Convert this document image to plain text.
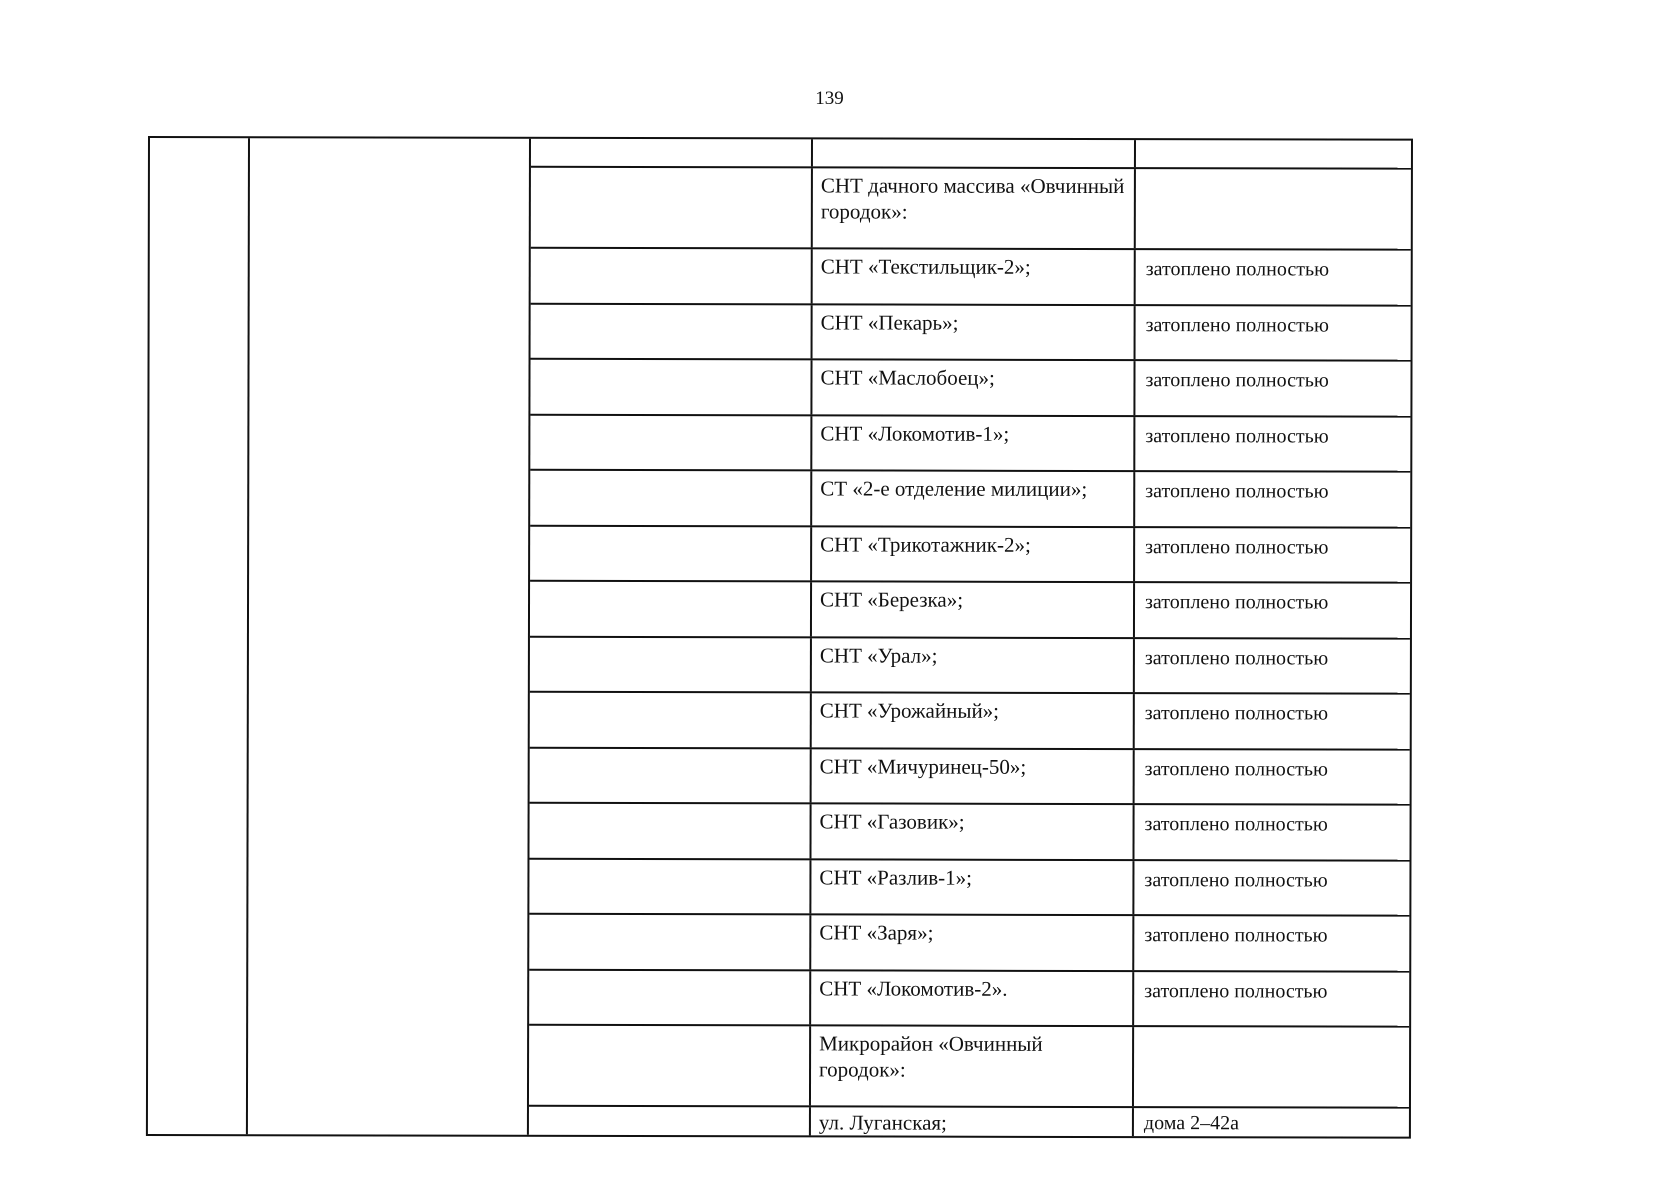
139
СНТ дачного массива «Овчинный городок»:
СНТ «Текстильщик-2»;	затоплено полностью
СНТ «Пекарь»;	затоплено полностью
СНТ «Маслобоец»;	затоплено полностью
СНТ «Локомотив-1»;	затоплено полностью
СТ «2-е отделение милиции»;	затоплено полностью
СНТ «Трикотажник-2»;	затоплено полностью
СНТ «Березка»;	затоплено полностью
СНТ «Урал»;	затоплено полностью
СНТ «Урожайный»;	затоплено полностью
СНТ «Мичуринец-50»;	затоплено полностью
СНТ «Газовик»;	затоплено полностью
СНТ «Разлив-1»;	затоплено полностью
СНТ «Заря»;	затоплено полностью
СНТ «Локомотив-2».	затоплено полностью
Микрорайон «Овчинный городок»:
ул. Луганская;	дома 2–42а
